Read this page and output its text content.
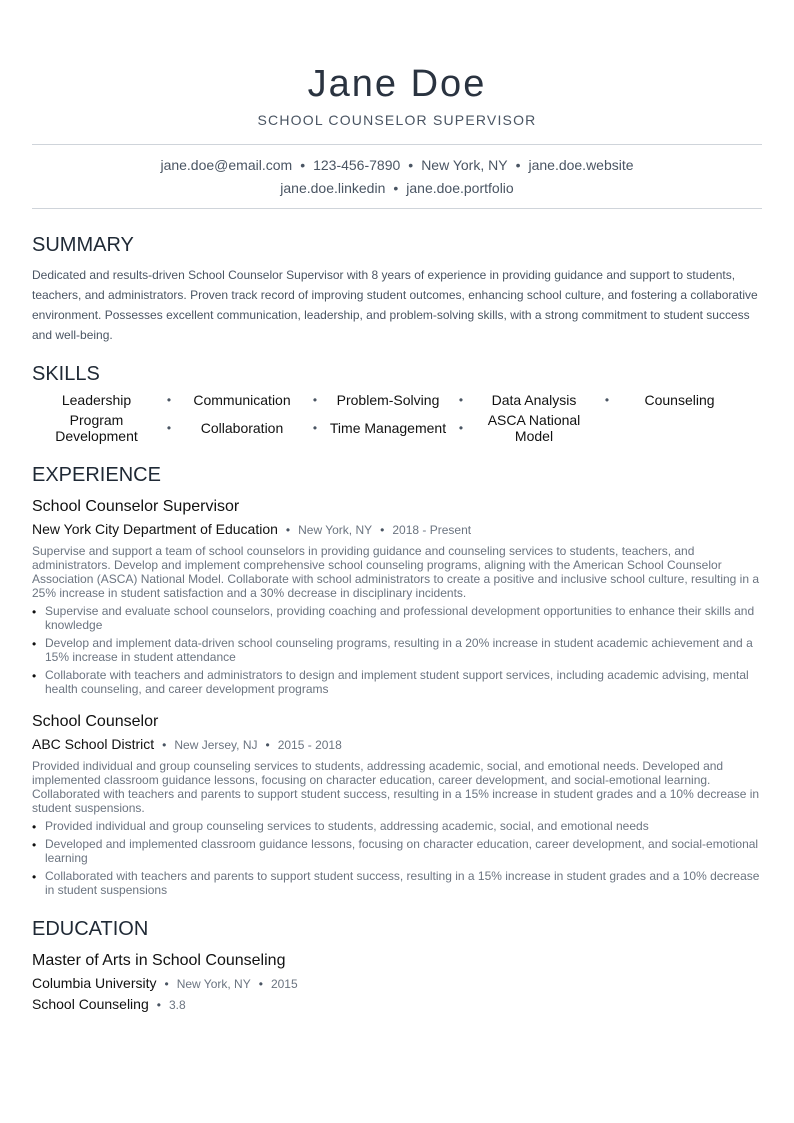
Jane Doe
SCHOOL COUNSELOR SUPERVISOR
jane.doe@email.com • 123-456-7890 • New York, NY • jane.doe.website
jane.doe.linkedin • jane.doe.portfolio
SUMMARY
Dedicated and results-driven School Counselor Supervisor with 8 years of experience in providing guidance and support to students, teachers, and administrators. Proven track record of improving student outcomes, enhancing school culture, and fostering a collaborative environment. Possesses excellent communication, leadership, and problem-solving skills, with a strong commitment to student success and well-being.
SKILLS
Leadership	•	Communication	•	Problem-Solving	•	Data Analysis	•	Counseling
Program Development	•	Collaboration	• Time Management	•	ASCA National Model
EXPERIENCE
School Counselor Supervisor
New York City Department of Education • New York, NY • 2018 - Present
Supervise and support a team of school counselors in providing guidance and counseling services to students, teachers, and administrators. Develop and implement comprehensive school counseling programs, aligning with the American School Counselor Association (ASCA) National Model. Collaborate with school administrators to create a positive and inclusive school culture, resulting in a 25% increase in student satisfaction and a 30% decrease in disciplinary incidents.
• Supervise and evaluate school counselors, providing coaching and professional development opportunities to enhance their skills and knowledge
• Develop and implement data-driven school counseling programs, resulting in a 20% increase in student academic achievement and a 15% increase in student attendance
• Collaborate with teachers and administrators to design and implement student support services, including academic advising, mental health counseling, and career development programs
School Counselor
ABC School District • New Jersey, NJ • 2015 - 2018
Provided individual and group counseling services to students, addressing academic, social, and emotional needs. Developed and implemented classroom guidance lessons, focusing on character education, career development, and social-emotional learning. Collaborated with teachers and parents to support student success, resulting in a 15% increase in student grades and a 10% decrease in student suspensions.
• Provided individual and group counseling services to students, addressing academic, social, and emotional needs
• Developed and implemented classroom guidance lessons, focusing on character education, career development, and social-emotional learning
• Collaborated with teachers and parents to support student success, resulting in a 15% increase in student grades and a 10% decrease in student suspensions
EDUCATION
Master of Arts in School Counseling
Columbia University • New York, NY • 2015
School Counseling • 3.8
